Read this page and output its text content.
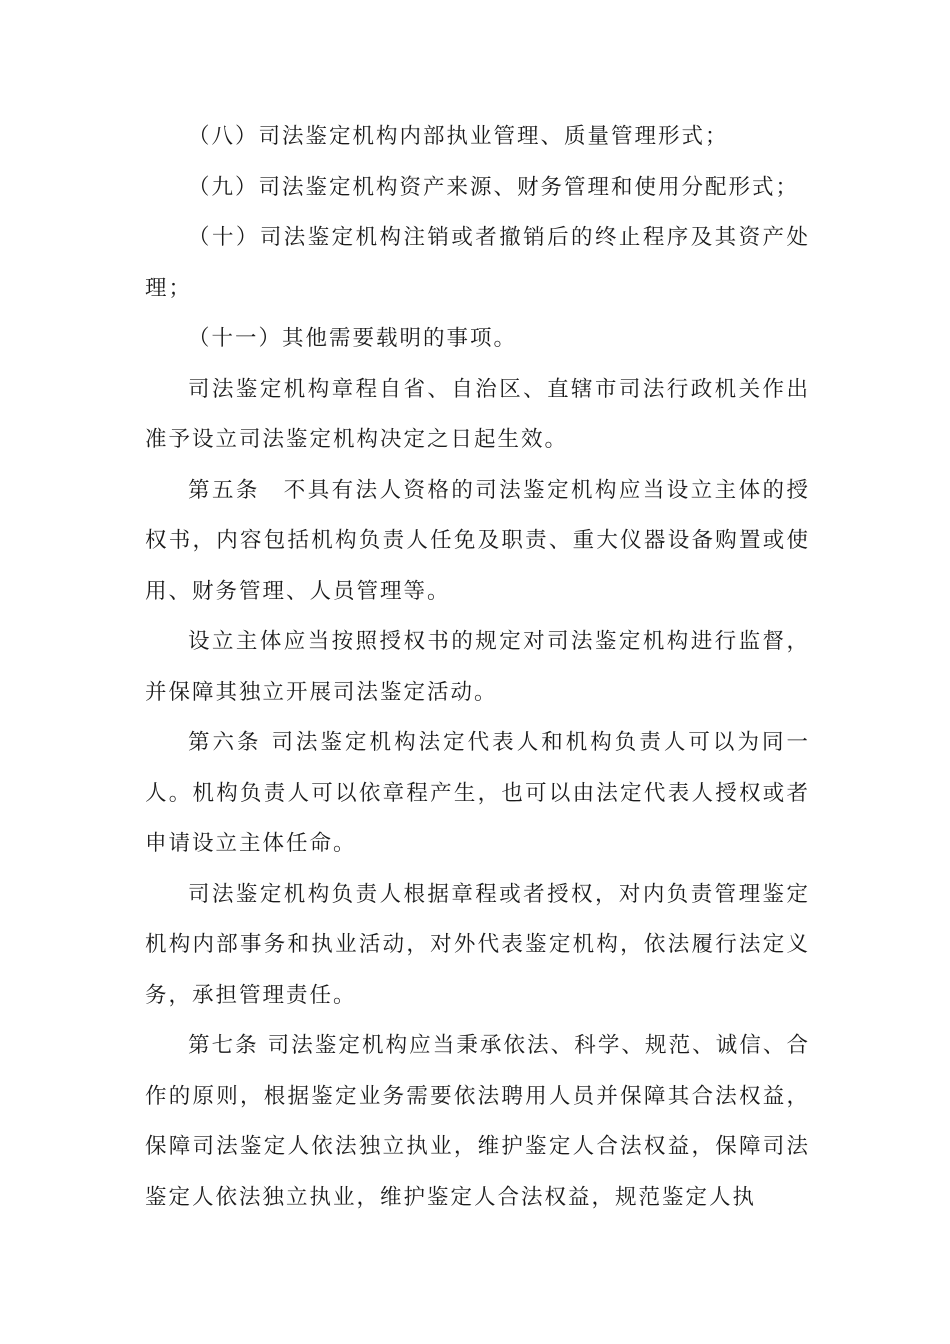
（八）司法鉴定机构内部执业管理、质量管理形式；

（九）司法鉴定机构资产来源、财务管理和使用分配形式；

（十）司法鉴定机构注销或者撤销后的终止程序及其资产处理；

（十一）其他需要载明的事项。

司法鉴定机构章程自省、自治区、直辖市司法行政机关作出准予设立司法鉴定机构决定之日起生效。

第五条　不具有法人资格的司法鉴定机构应当设立主体的授权书，内容包括机构负责人任免及职责、重大仪器设备购置或使用、财务管理、人员管理等。

设立主体应当按照授权书的规定对司法鉴定机构进行监督，并保障其独立开展司法鉴定活动。

第六条 司法鉴定机构法定代表人和机构负责人可以为同一人。机构负责人可以依章程产生，也可以由法定代表人授权或者申请设立主体任命。

司法鉴定机构负责人根据章程或者授权，对内负责管理鉴定机构内部事务和执业活动，对外代表鉴定机构，依法履行法定义务，承担管理责任。

第七条 司法鉴定机构应当秉承依法、科学、规范、诚信、合作的原则，根据鉴定业务需要依法聘用人员并保障其合法权益，保障司法鉴定人依法独立执业，维护鉴定人合法权益，保障司法鉴定人依法独立执业，维护鉴定人合法权益，规范鉴定人执
